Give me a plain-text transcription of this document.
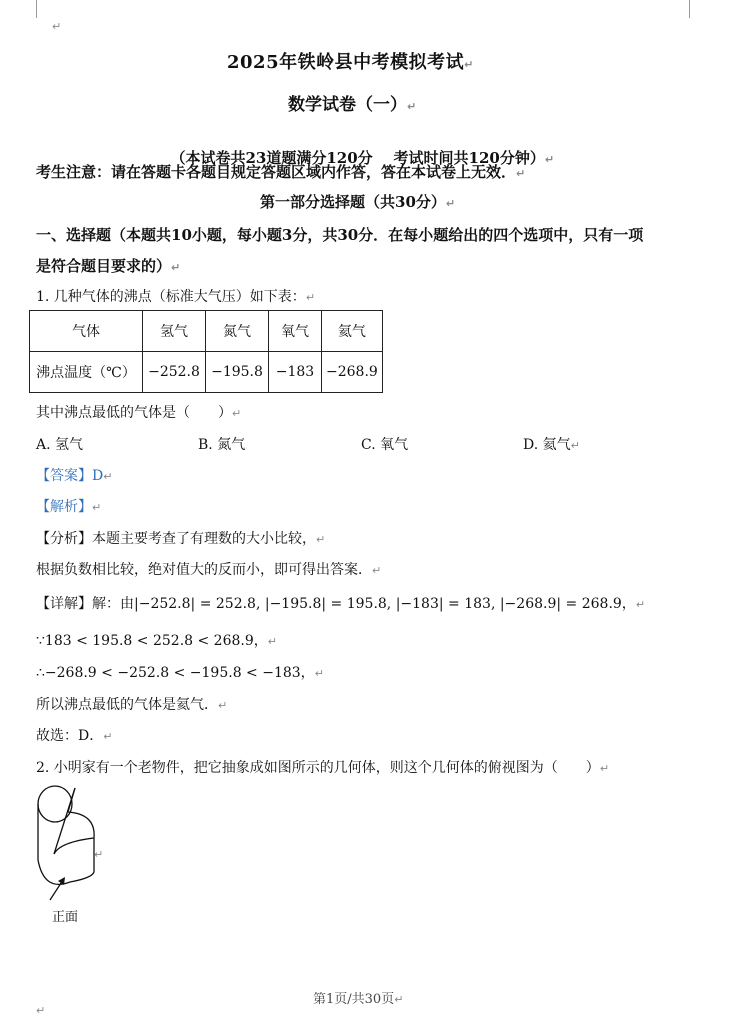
↵
2025年铁岭县中考模拟考试↵
数学试卷（一）↵

（本试卷共23道题满分120分    考试时间共120分钟）↵

考生注意：请在答题卡各题目规定答题区域内作答，答在本试卷上无效．↵
第一部分选择题（共30分）↵
一、选择题（本题共10小题，每小题3分，共30分．在每小题给出的四个选项中，只有一项
是符合题目要求的）↵
1. 几种气体的沸点（标准大气压）如下表：↵
气体	氢气	氮气	氧气	氦气
沸点温度（℃）	−252.8	−195.8	−183	−268.9
其中沸点最低的气体是（　　）↵
A. 氢气	B. 氮气	C. 氧气	D. 氦气↵
【答案】D↵
【解析】↵
【分析】本题主要考查了有理数的大小比较，↵
根据负数相比较，绝对值大的反而小，即可得出答案．↵
【详解】解：由|−252.8| = 252.8, |−195.8| = 195.8, |−183| = 183, |−268.9| = 268.9，↵
∵183 < 195.8 < 252.8 < 268.9，↵
∴−268.9 < −252.8 < −195.8 < −183，↵
所以沸点最低的气体是氦气．↵
故选：D．↵
2. 小明家有一个老物件，把它抽象成如图所示的几何体，则这个几何体的俯视图为（　　）↵
↵
正面
第1页/共30页↵
↵
